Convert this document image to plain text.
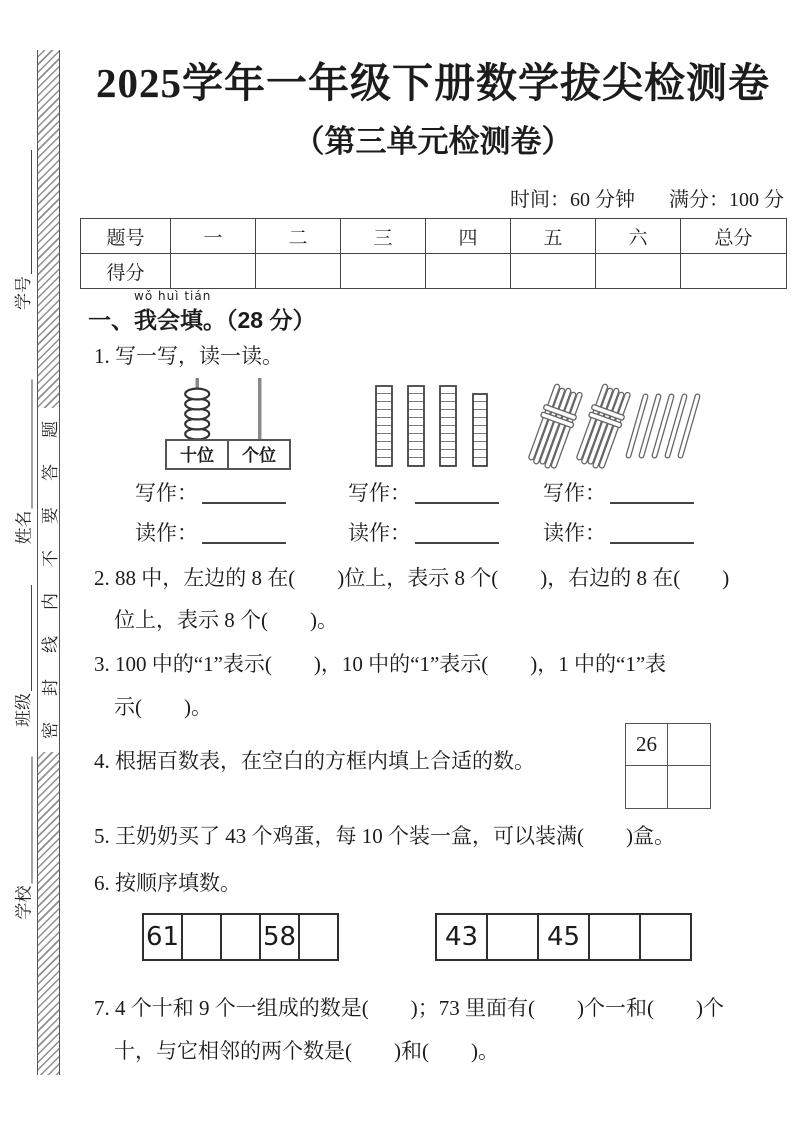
学号
姓名
班级
学校
题
答
要
不
内
线
封
密
2025学年一年级下册数学拔尖检测卷
（第三单元检测卷）
时间：60 分钟 满分：100 分
题号	一	二	三	四	五	六	总分
得分							
wǒ huì tián
一、我会填。（28 分）
1. 写一写，读一读。
十位 个位
写作：	写作：	写作：
读作：	读作：	读作：
2. 88 中，左边的 8 在(　　)位上，表示 8 个(　　)，右边的 8 在(　　)
位上，表示 8 个(　　)。
3. 100 中的“1”表示(　　)，10 中的“1”表示(　　)，1 中的“1”表
示(　　)。
4. 根据百数表，在空白的方框内填上合适的数。
26
5. 王奶奶买了 43 个鸡蛋，每 10 个装一盒，可以装满(　　)盒。
6. 按顺序填数。
61	58	43	45
7. 4 个十和 9 个一组成的数是(　　)；73 里面有(　　)个一和(　　)个
十，与它相邻的两个数是(　　)和(　　)。
